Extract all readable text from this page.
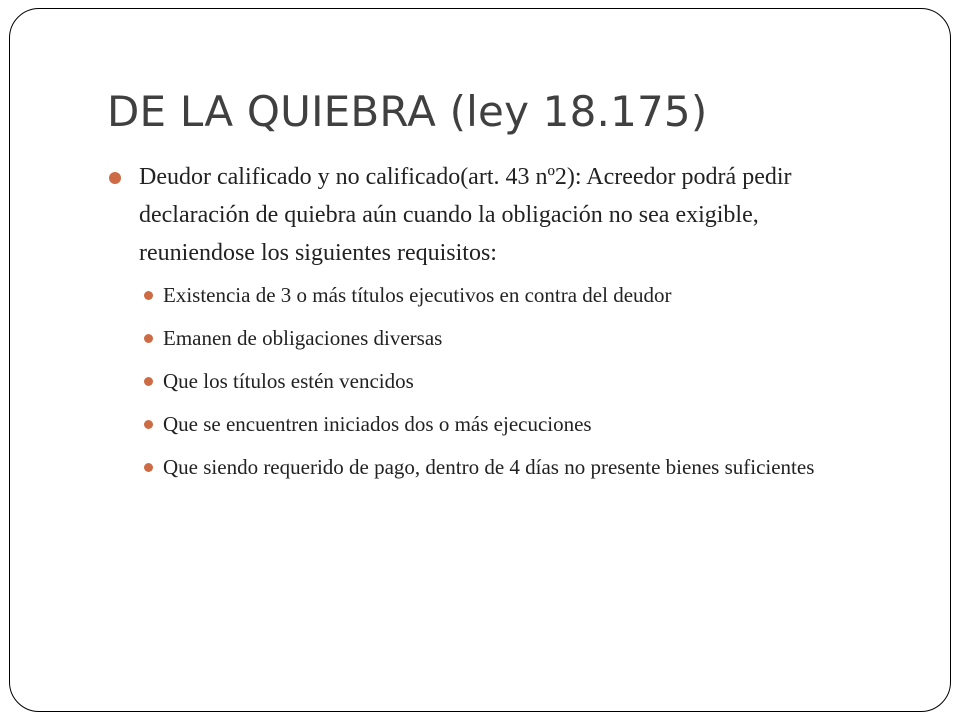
DE LA QUIEBRA (ley 18.175)
Deudor calificado y no calificado(art. 43 nº2): Acreedor podrá pedir declaración de quiebra aún cuando la obligación no sea exigible, reuniendose los siguientes requisitos:
Existencia de 3 o más títulos ejecutivos en contra del deudor
Emanen de obligaciones diversas
Que los títulos estén vencidos
Que se encuentren iniciados dos o más ejecuciones
Que siendo requerido de pago, dentro de 4 días no presente bienes suficientes
